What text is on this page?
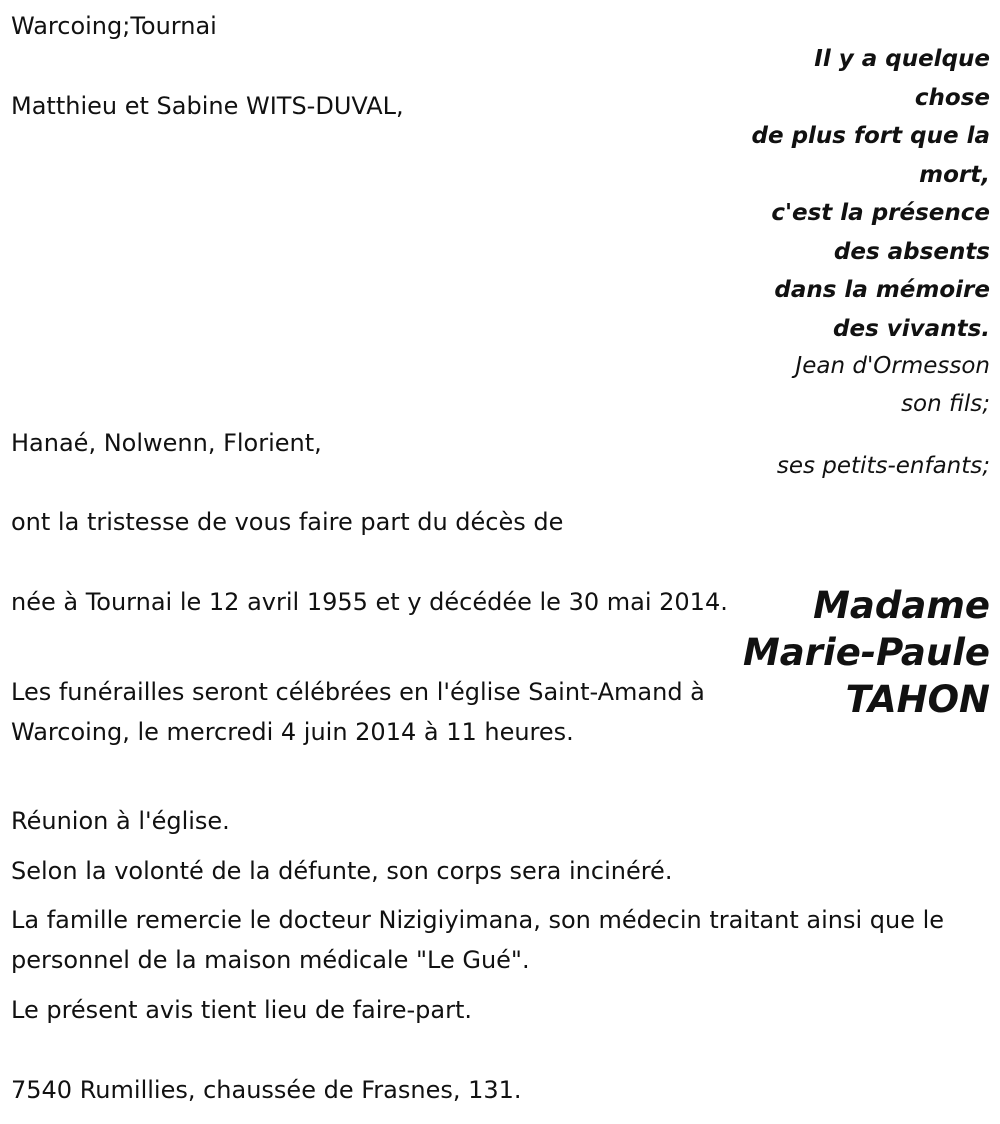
Warcoing;Tournai

Matthieu et Sabine WITS-DUVAL,

Il y a quelque
chose
de plus fort que la
mort,
c'est la présence
des absents
dans la mémoire
des vivants.

Jean d'Ormesson

son fils;

Hanaé, Nolwenn, Florient,

ses petits-enfants;

ont la tristesse de vous faire part du décès de

née à Tournai le 12 avril 1955 et y décédée le 30 mai 2014.	Madame
Marie-Paule
TAHON

Les funérailles seront célébrées en l'église Saint-Amand à Warcoing, le mercredi 4 juin 2014 à 11 heures.

Réunion à l'église.

Selon la volonté de la défunte, son corps sera incinéré.

La famille remercie le docteur Nizigiyimana, son médecin traitant ainsi que le personnel de la maison médicale "Le Gué".

Le présent avis tient lieu de faire-part.

7540 Rumillies, chaussée de Frasnes, 131.
